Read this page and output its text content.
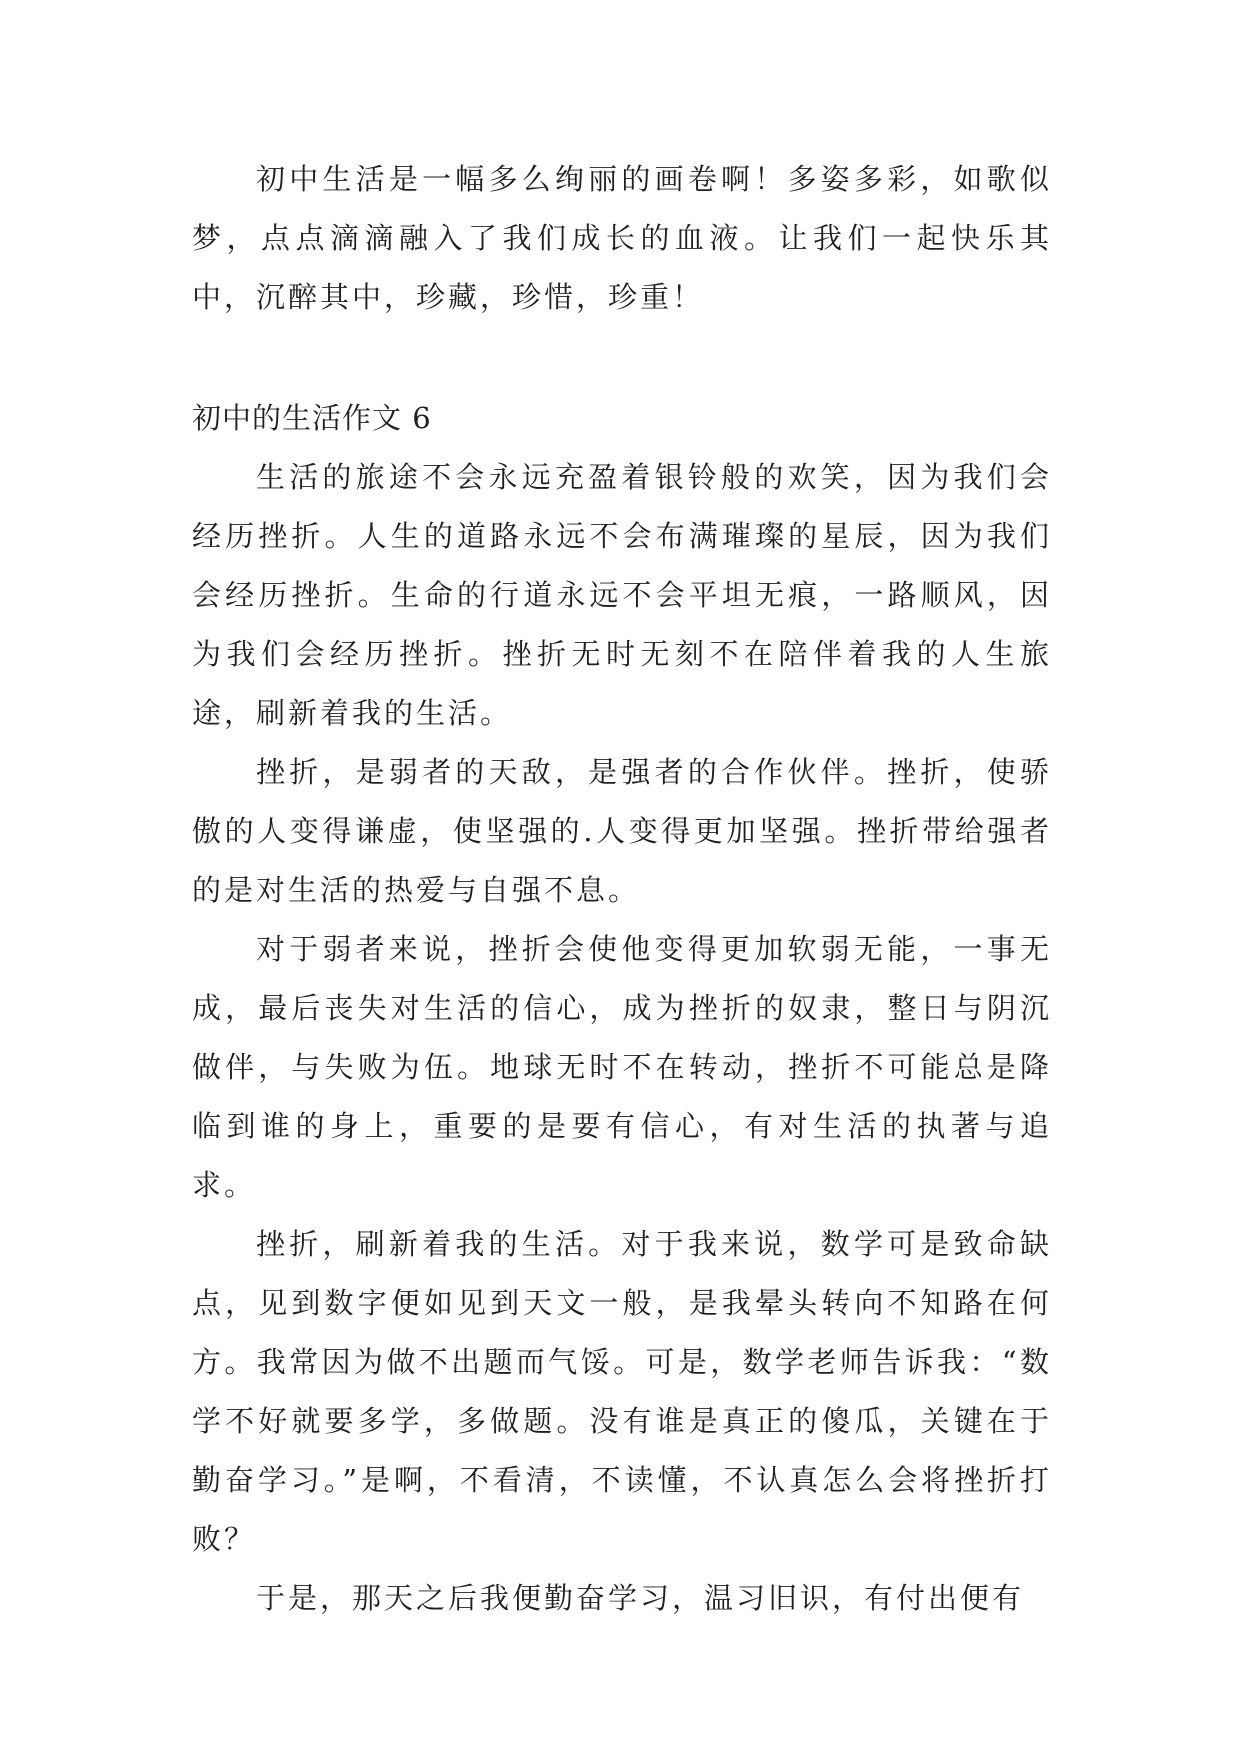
初中生活是一幅多么绚丽的画卷啊！多姿多彩，如歌似梦，点点滴滴融入了我们成长的血液。让我们一起快乐其中，沉醉其中，珍藏，珍惜，珍重！

初中的生活作文 6

生活的旅途不会永远充盈着银铃般的欢笑，因为我们会经历挫折。人生的道路永远不会布满璀璨的星辰，因为我们会经历挫折。生命的行道永远不会平坦无痕，一路顺风，因为我们会经历挫折。挫折无时无刻不在陪伴着我的人生旅途，刷新着我的生活。

挫折，是弱者的天敌，是强者的合作伙伴。挫折，使骄傲的人变得谦虚，使坚强的.人变得更加坚强。挫折带给强者的是对生活的热爱与自强不息。

对于弱者来说，挫折会使他变得更加软弱无能，一事无成，最后丧失对生活的信心，成为挫折的奴隶，整日与阴沉做伴，与失败为伍。地球无时不在转动，挫折不可能总是降临到谁的身上，重要的是要有信心，有对生活的执著与追求。

挫折，刷新着我的生活。对于我来说，数学可是致命缺点，见到数字便如见到天文一般，是我晕头转向不知路在何方。我常因为做不出题而气馁。可是，数学老师告诉我：“数学不好就要多学，多做题。没有谁是真正的傻瓜，关键在于勤奋学习。”是啊，不看清，不读懂，不认真怎么会将挫折打败？

于是，那天之后我便勤奋学习，温习旧识，有付出便有
